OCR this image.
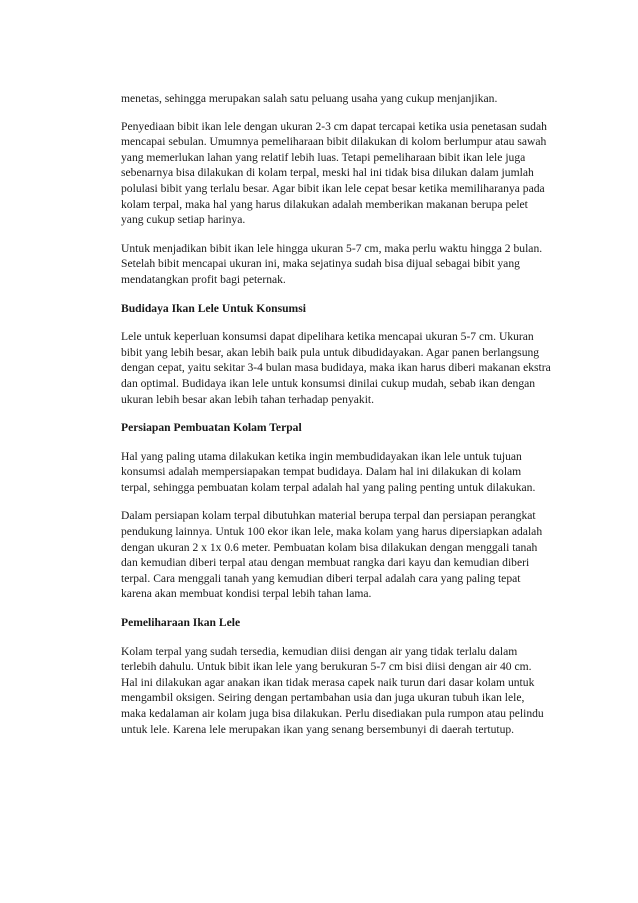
menetas, sehingga merupakan salah satu peluang usaha yang cukup menjanjikan.

Penyediaan bibit ikan lele dengan ukuran 2-3 cm dapat tercapai ketika usia penetasan sudah mencapai sebulan. Umumnya pemeliharaan bibit dilakukan di kolom berlumpur atau sawah yang memerlukan lahan yang relatif lebih luas. Tetapi pemeliharaan bibit ikan lele juga sebenarnya bisa dilakukan di kolam terpal, meski hal ini tidak bisa dilukan dalam jumlah polulasi bibit yang terlalu besar. Agar bibit ikan lele cepat besar ketika memiliharanya pada kolam terpal, maka hal yang harus dilakukan adalah memberikan makanan berupa pelet yang cukup setiap harinya.

Untuk menjadikan bibit ikan lele hingga ukuran 5-7 cm, maka perlu waktu hingga 2 bulan. Setelah bibit mencapai ukuran ini, maka sejatinya sudah bisa dijual sebagai bibit yang mendatangkan profit bagi peternak.

Budidaya Ikan Lele Untuk Konsumsi

Lele untuk keperluan konsumsi dapat dipelihara ketika mencapai ukuran 5-7 cm. Ukuran bibit yang lebih besar, akan lebih baik pula untuk dibudidayakan. Agar panen berlangsung dengan cepat, yaitu sekitar 3-4 bulan masa budidaya, maka ikan harus diberi makanan ekstra dan optimal. Budidaya ikan lele untuk konsumsi dinilai cukup mudah, sebab ikan dengan ukuran lebih besar akan lebih tahan terhadap penyakit.

Persiapan Pembuatan Kolam Terpal

Hal yang paling utama dilakukan ketika ingin membudidayakan ikan lele untuk tujuan konsumsi adalah mempersiapakan tempat budidaya. Dalam hal ini dilakukan di kolam terpal, sehingga pembuatan kolam terpal adalah hal yang paling penting untuk dilakukan.

Dalam persiapan kolam terpal dibutuhkan material berupa terpal dan persiapan perangkat pendukung lainnya. Untuk 100 ekor ikan lele, maka kolam yang harus dipersiapkan adalah dengan ukuran 2 x 1x 0.6 meter. Pembuatan kolam bisa dilakukan dengan menggali tanah dan kemudian diberi terpal atau dengan membuat rangka dari kayu dan kemudian diberi terpal. Cara menggali tanah yang kemudian diberi terpal adalah cara yang paling tepat karena akan membuat kondisi terpal lebih tahan lama.

Pemeliharaan Ikan Lele

Kolam terpal yang sudah tersedia, kemudian diisi dengan air yang tidak terlalu dalam terlebih dahulu. Untuk bibit ikan lele yang berukuran 5-7 cm bisi diisi dengan air 40 cm. Hal ini dilakukan agar anakan ikan tidak merasa capek naik turun dari dasar kolam untuk mengambil oksigen. Seiring dengan pertambahan usia dan juga ukuran tubuh ikan lele, maka kedalaman air kolam juga bisa dilakukan. Perlu disediakan pula rumpon atau pelindu untuk lele. Karena lele merupakan ikan yang senang bersembunyi di daerah tertutup.
